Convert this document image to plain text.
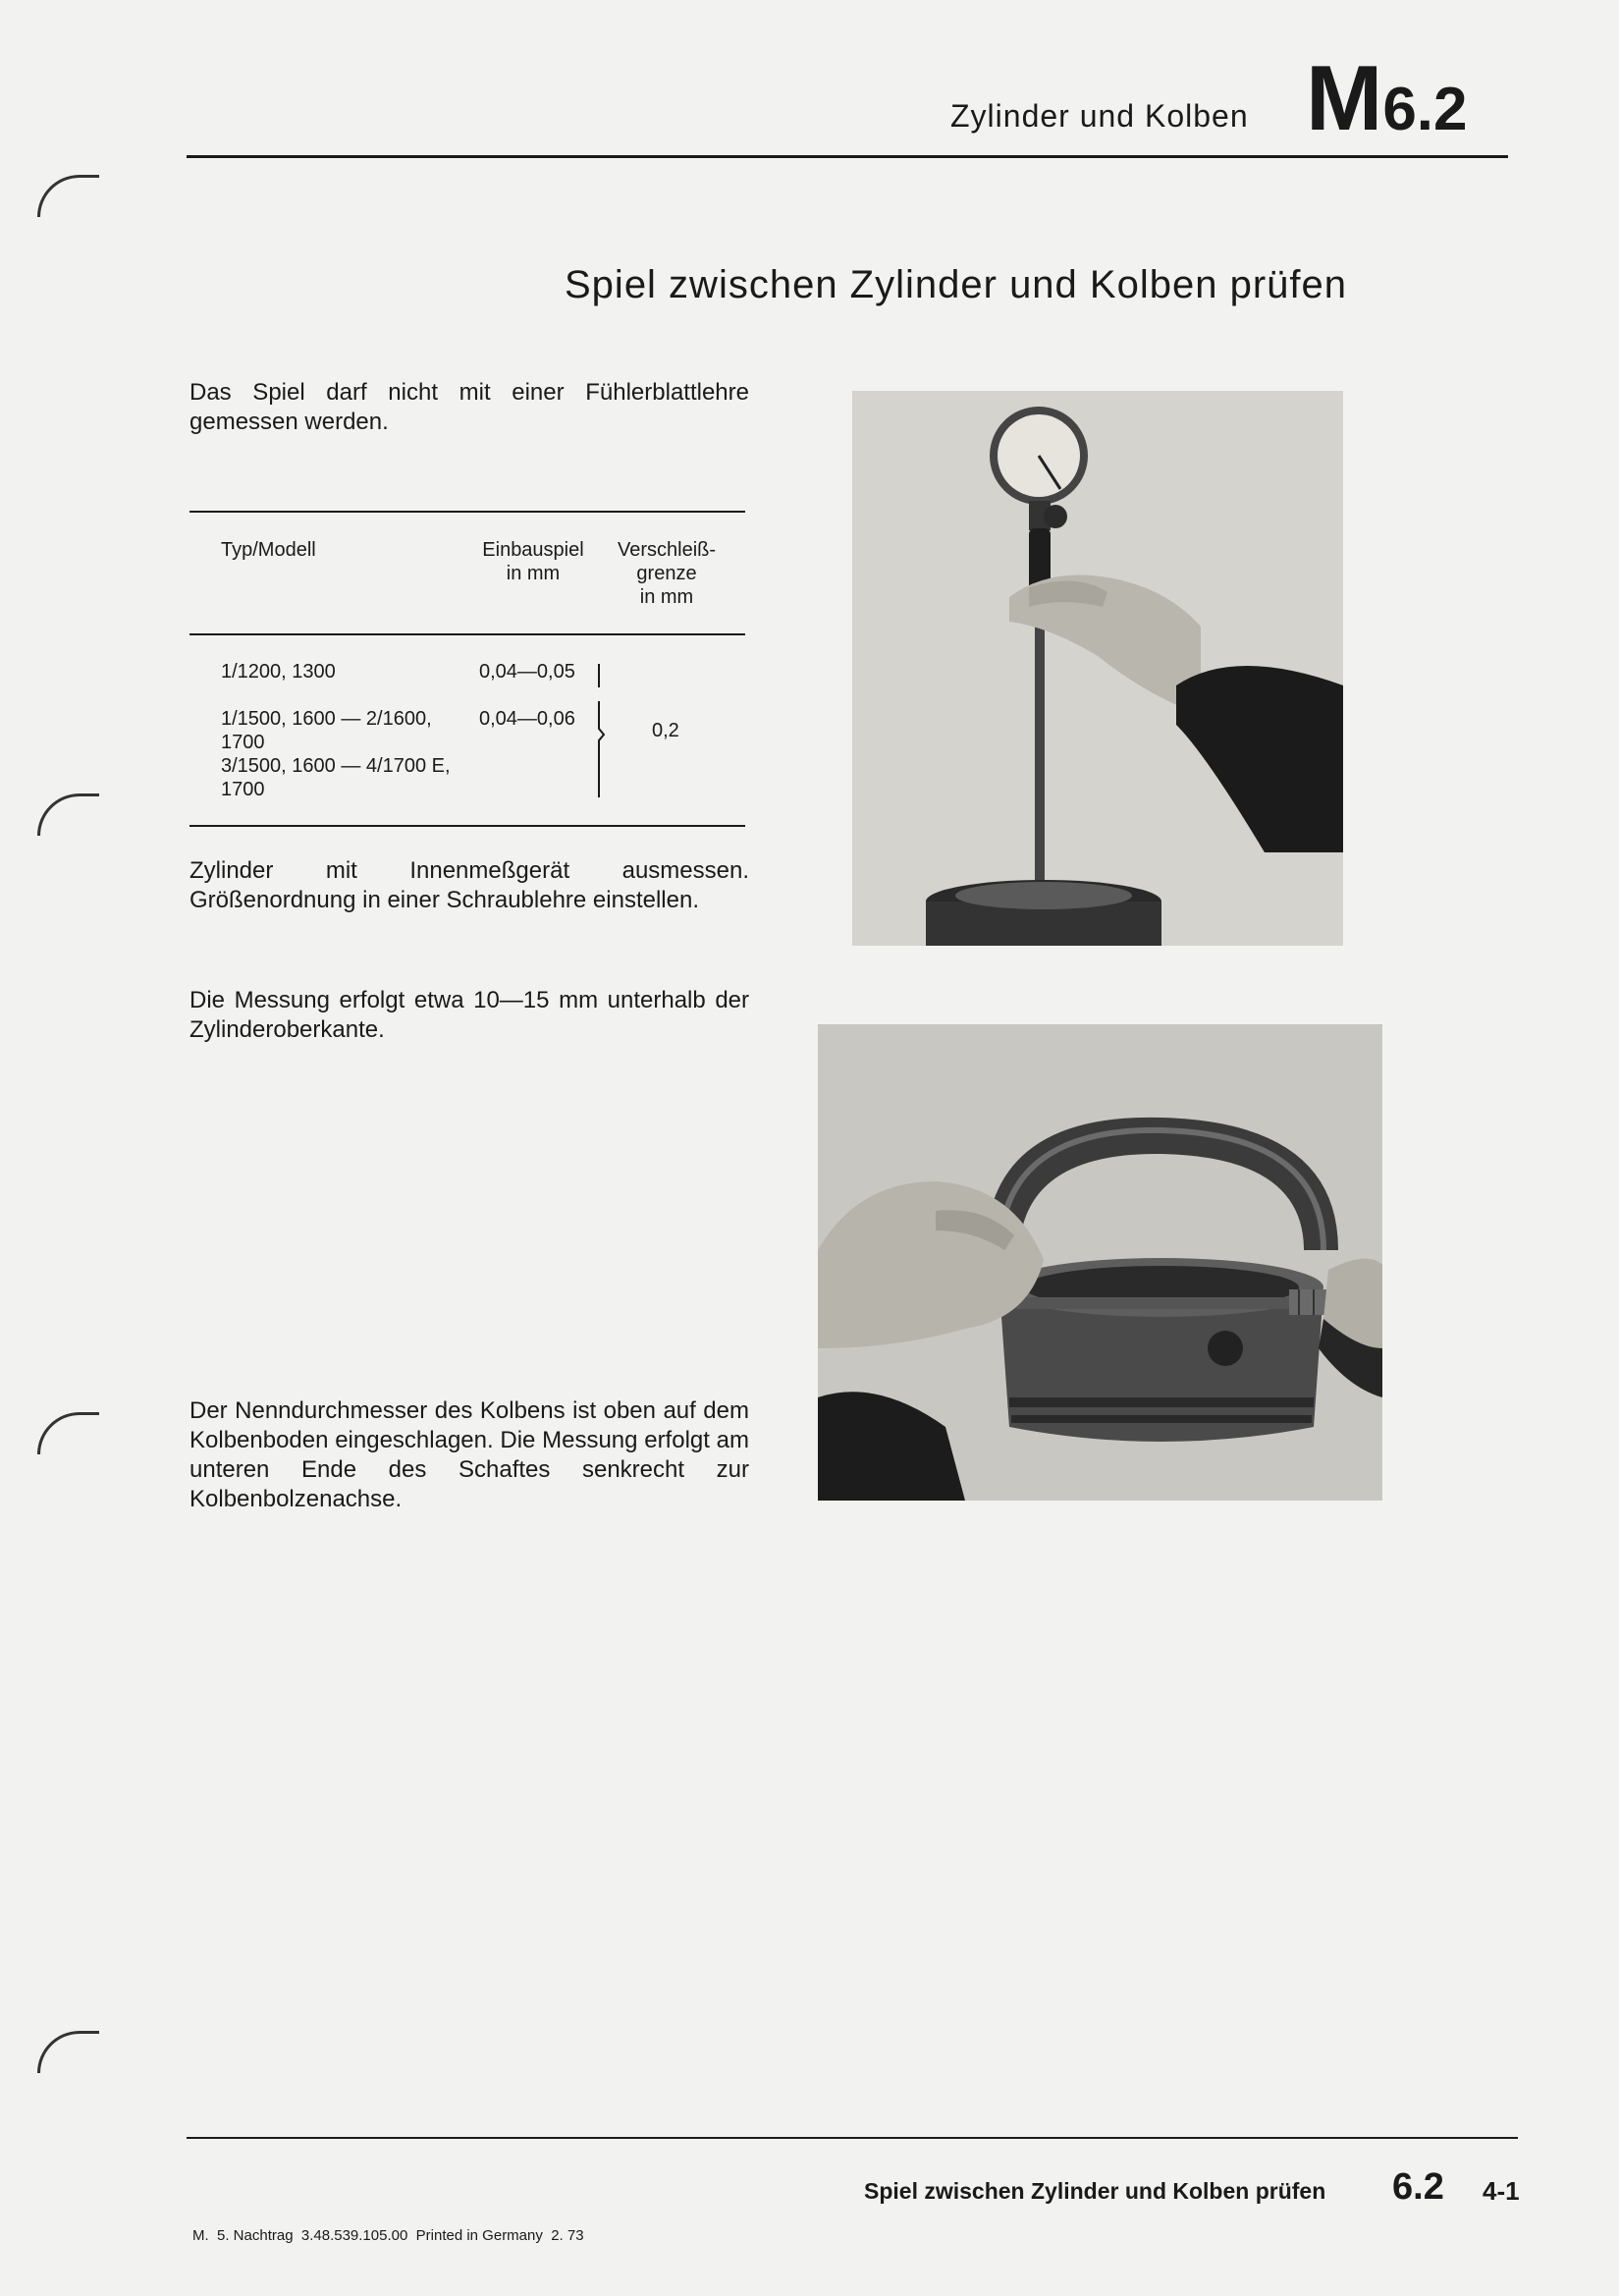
Zylinder und Kolben M6.2
Spiel zwischen Zylinder und Kolben prüfen
Das Spiel darf nicht mit einer Fühlerblattlehre gemessen werden.
Typ/Modell	Einbauspiel
in mm
Verschleiß-
grenze
in mm
1/1200, 1300	0,04—0,05
1/1500, 1600 — 2/1600,
1700
0,04—0,06
3/1500, 1600 — 4/1700 E,
1700
0,2
Zylinder mit Innenmeßgerät ausmessen. Größenordnung in einer Schraublehre einstellen.
Die Messung erfolgt etwa 10—15 mm unterhalb der Zylinderoberkante.
Der Nenndurchmesser des Kolbens ist oben auf dem Kolbenboden eingeschlagen. Die Messung erfolgt am unteren Ende des Schaftes senkrecht zur Kolbenbolzenachse.
Spiel zwischen Zylinder und Kolben prüfen 6.2 4-1
M.  5. Nachtrag  3.48.539.105.00  Printed in Germany  2. 73
